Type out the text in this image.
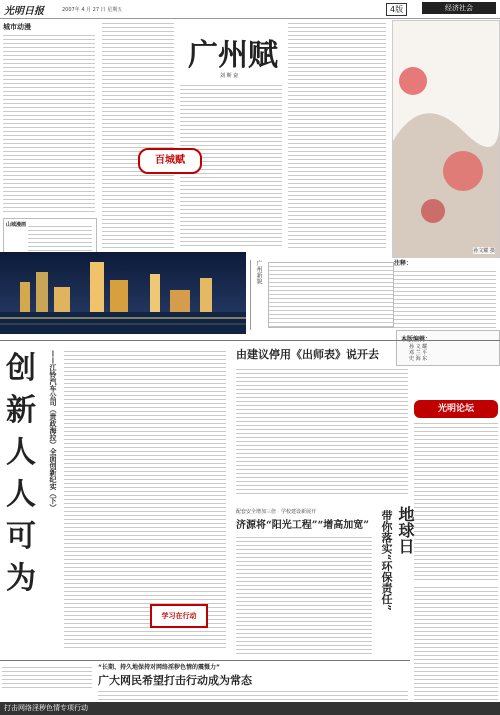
光明日报	2007年 4 月 27 日 星期五	4版	经济社会
城市动漫
山城漫画
广州赋
刘 斯 奋
百城赋
孙文耀 摄
注释：
广州新貌
孙 文 耀
邓 兰 平
史 海 东
创
新
人
人
可
为
——江铃汽车公司（贵政海拉）全面创新纪实（下）
学习在行动
由建议停用《出师表》说开去
光明论坛
配套安全增加三倍　学校建设新展开
济源将“阳光工程”“增高加宽” 地球日
带你落实“环保责任”
“长期、持久地保持对网络淫秽色情的震慑力”
广大网民希望打击行动成为常态
打击网络淫秽色情专项行动
